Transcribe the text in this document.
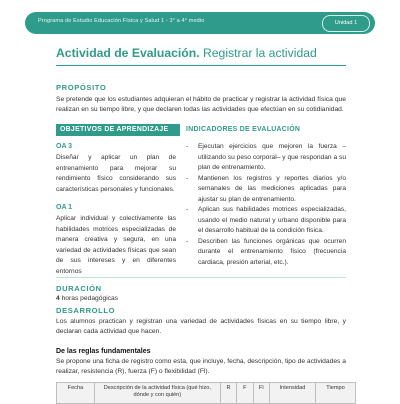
Programa de Estudio Educación Física y Salud 1 - 3° a 4° medio	Unidad 1
Actividad de Evaluación. Registrar la actividad
PROPÓSITO
Se pretende que los estudiantes adquieran el hábito de practicar y registrar la actividad física que realizan en su tiempo libre, y que declaren todas las actividades que efectúan en su cotidianidad.
OBJETIVOS DE APRENDIZAJE	INDICADORES DE EVALUACIÓN
OA 3
Diseñar y aplicar un plan de entrenamiento para mejorar su rendimiento físico considerando sus características personales y funcionales.
OA 1
Aplicar individual y colectivamente las habilidades motrices especializadas de manera creativa y segura, en una variedad de actividades físicas que sean de sus intereses y en diferentes entornos
- Ejecutan ejercicios que mejoren la fuerza – utilizando su peso corporal– y que respondan a su plan de entrenamiento.
- Mantienen los registros y reportes diarios y/o semanales de las mediciones aplicadas para ajustar su plan de entrenamiento.
- Aplican sus habilidades motrices especializadas, usando el medio natural y urbano disponible para el desarrollo habitual de la condición física.
- Describen las funciones orgánicas que ocurren durante el entrenamiento físico (frecuencia cardiaca, presión arterial, etc.).
DURACIÓN
4 horas pedagógicas
DESARROLLO
Los alumnos practican y registran una variedad de actividades físicas en su tiempo libre, y declaran cada actividad que hacen.
De las reglas fundamentales
Se propone una ficha de registro como esta, que incluye, fecha, descripción, tipo de actividades a realizar, resistencia (R), fuerza (F) o flexibilidad (Fl).
Fecha	Descripción de la actividad física (qué hizo, dónde y con quién)	R	F	Fl	Intensidad	Tiempo
